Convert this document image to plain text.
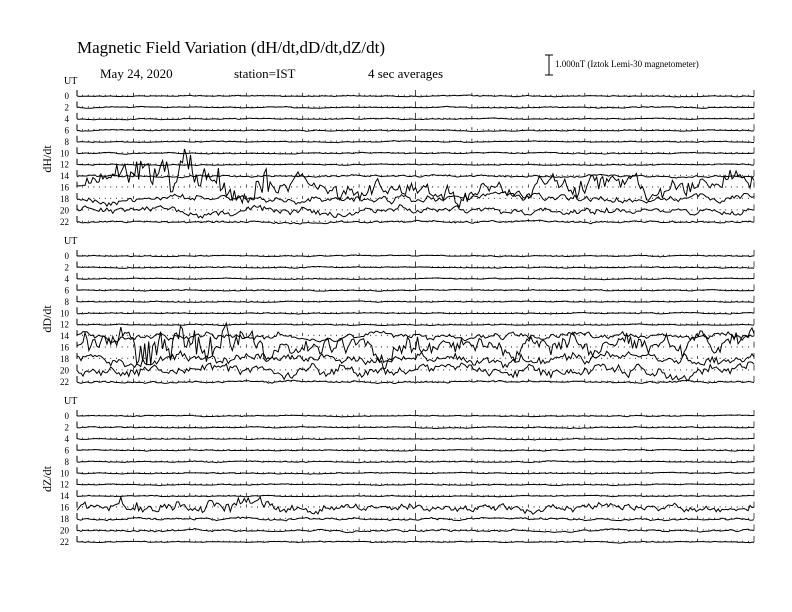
Magnetic Field Variation (dH/dt,dD/dt,dZ/dt)
May 24, 2020	station=IST	4 sec averages
1.000nT (Iztok Lemi-30 magnetometer)
UT
dH/dt
0
2
4
6
8
10
12
14
16
18
20
22
UT
dD/dt
0
2
4
6
8
10
12
14
16
18
20
22
UT
dZ/dt
0
2
4
6
8
10
12
14
16
18
20
22
